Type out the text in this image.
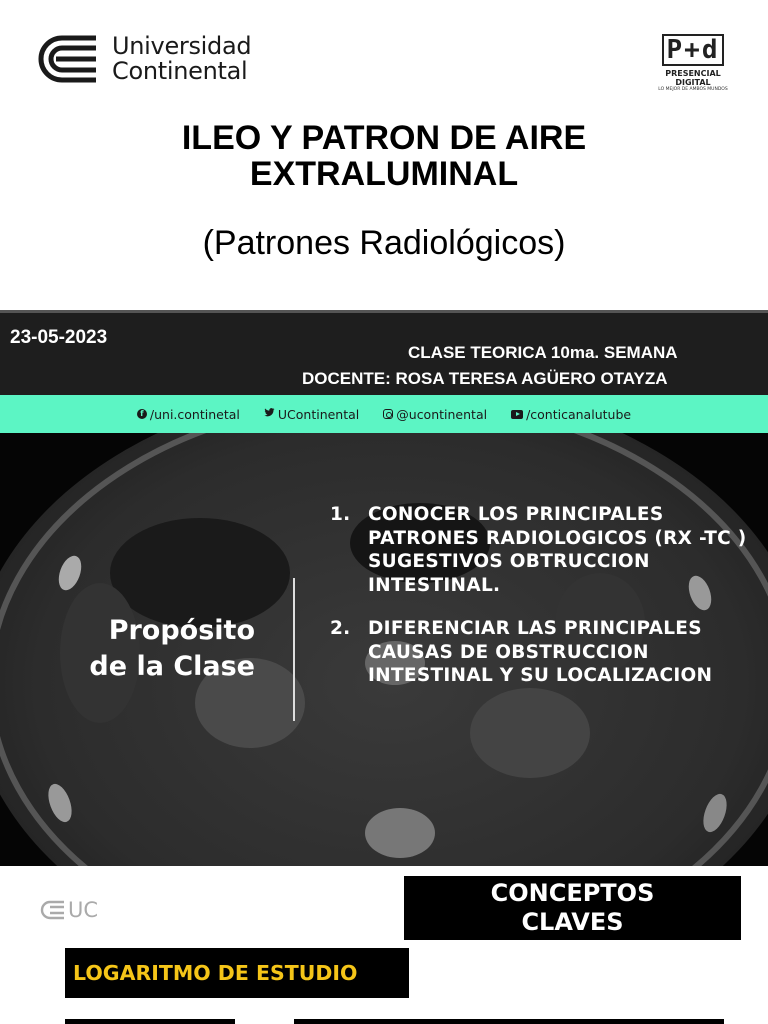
Universidad
Continental
P+d
PRESENCIAL DIGITAL
LO MEJOR DE AMBOS MUNDOS
ILEO Y PATRON DE AIRE
EXTRALUMINAL
(Patrones Radiológicos)
23-05-2023
CLASE TEORICA 10ma. SEMANA
DOCENTE: ROSA TERESA AGÜERO OTAYZA
f /uni.continetal	UContinental	@ucontinental	/conticanalutube
Propósito
de la Clase
1. CONOCER LOS PRINCIPALES PATRONES RADIOLOGICOS (RX -TC ) SUGESTIVOS OBTRUCCION INTESTINAL.
2. DIFERENCIAR LAS PRINCIPALES CAUSAS DE OBSTRUCCION INTESTINAL Y SU LOCALIZACION
UC
CONCEPTOS
CLAVES
LOGARITMO DE ESTUDIO
